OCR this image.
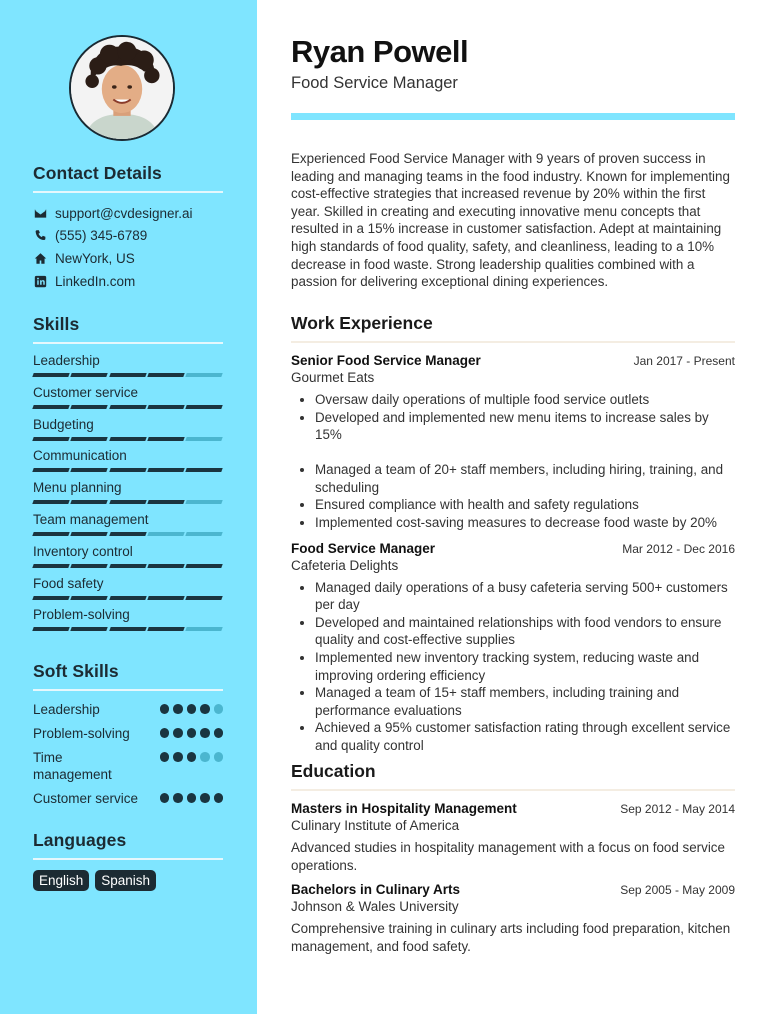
Contact Details
support@cvdesigner.ai
(555) 345-6789
NewYork, US
LinkedIn.com
Skills
Leadership
Customer service
Budgeting
Communication
Menu planning
Team management
Inventory control
Food safety
Problem-solving
Soft Skills
Leadership
Problem-solving
Time management
Customer service
Languages
English	Spanish
Ryan Powell
Food Service Manager
Experienced Food Service Manager with 9 years of proven success in leading and managing teams in the food industry. Known for implementing cost-effective strategies that increased revenue by 20% within the first year. Skilled in creating and executing innovative menu concepts that resulted in a 15% increase in customer satisfaction. Adept at maintaining high standards of food quality, safety, and cleanliness, leading to a 10% decrease in food waste. Strong leadership qualities combined with a passion for delivering exceptional dining experiences.
Work Experience
Senior Food Service Manager	Jan 2017 - Present
Gourmet Eats
• Oversaw daily operations of multiple food service outlets
• Developed and implemented new menu items to increase sales by 15%
• Managed a team of 20+ staff members, including hiring, training, and scheduling
• Ensured compliance with health and safety regulations
• Implemented cost-saving measures to decrease food waste by 20%
Food Service Manager	Mar 2012 - Dec 2016
Cafeteria Delights
• Managed daily operations of a busy cafeteria serving 500+ customers per day
• Developed and maintained relationships with food vendors to ensure quality and cost-effective supplies
• Implemented new inventory tracking system, reducing waste and improving ordering efficiency
• Managed a team of 15+ staff members, including training and performance evaluations
• Achieved a 95% customer satisfaction rating through excellent service and quality control
Education
Masters in Hospitality Management	Sep 2012 - May 2014
Culinary Institute of America
Advanced studies in hospitality management with a focus on food service operations.
Bachelors in Culinary Arts	Sep 2005 - May 2009
Johnson & Wales University
Comprehensive training in culinary arts including food preparation, kitchen management, and food safety.
